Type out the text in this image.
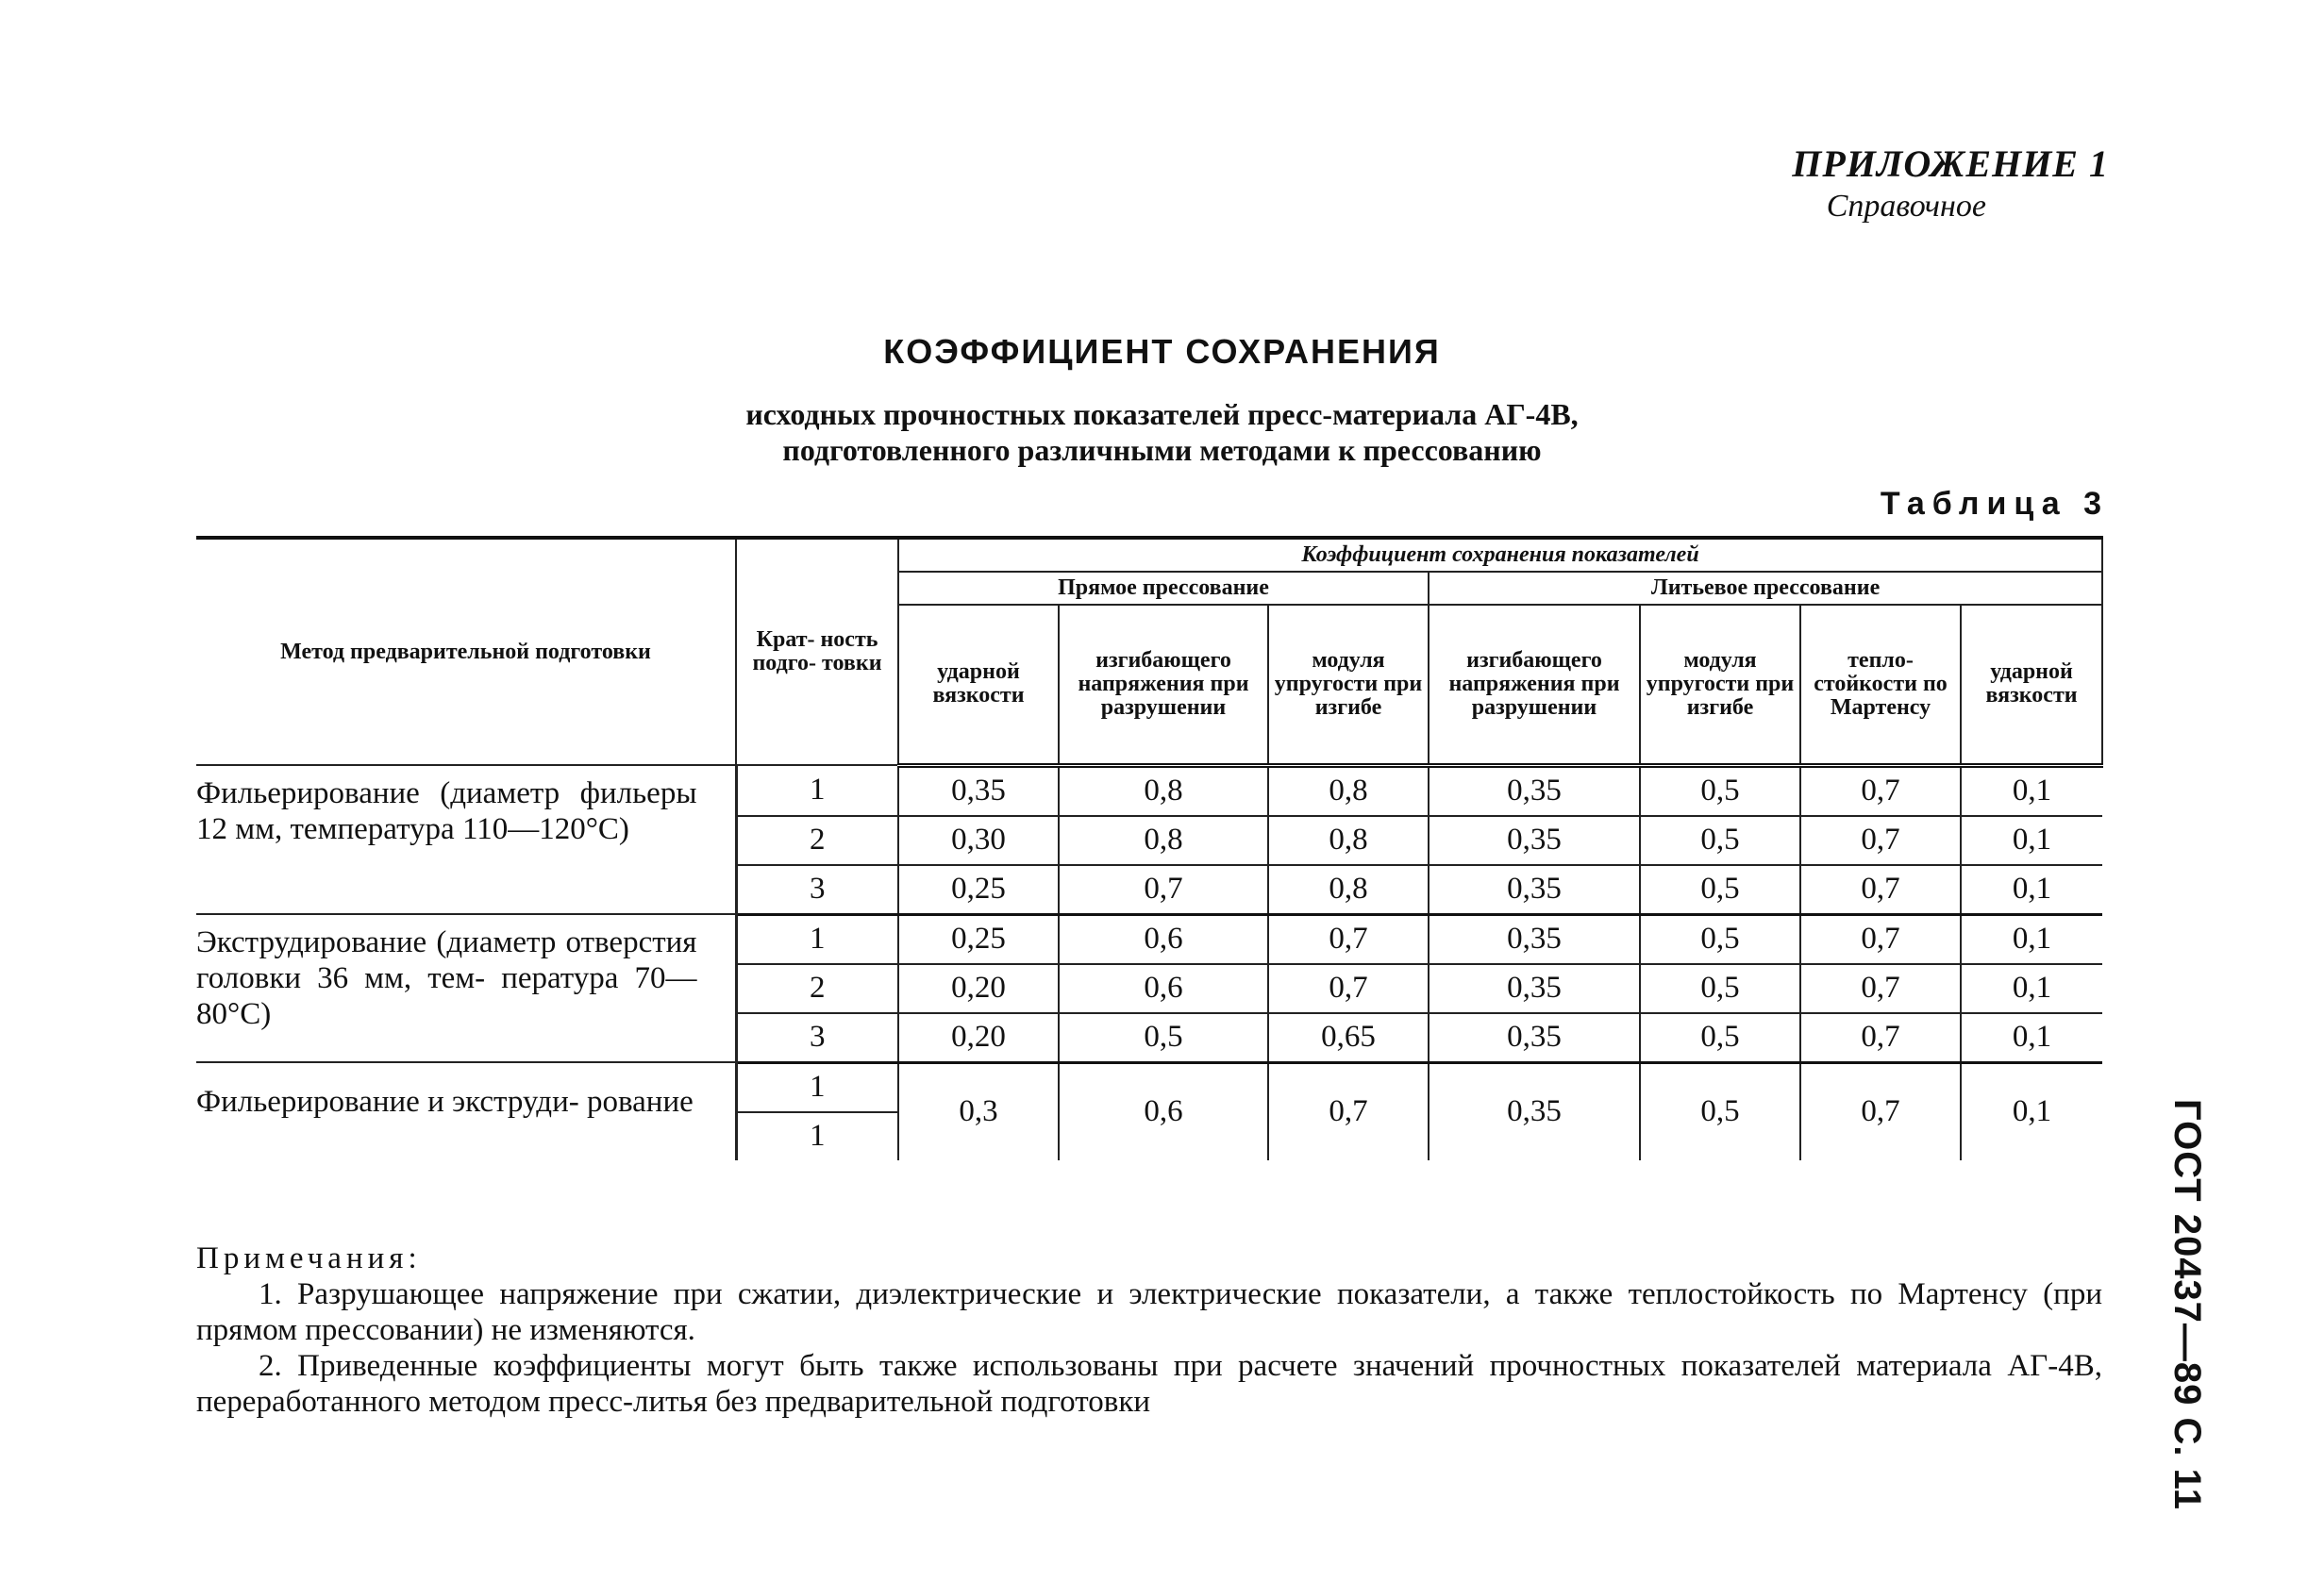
ПРИЛОЖЕНИЕ 1
Справочное
КОЭФФИЦИЕНТ СОХРАНЕНИЯ
исходных прочностных показателей пресс-материала АГ-4В,
подготовленного различными методами к прессованию
Таблица 3
Метод предварительной подготовки	Крат- ность подго- товки	Коэффициент сохранения показателей						
		Прямое прессование			Литьевое прессование			
		ударной вязкости	изгибающего напряжения при разрушении	модуля упругости при изгибе	изгибающего напряжения при разрушении	модуля упругости при изгибе	тепло- стойкости по Мартенсу	ударной вязкости
Фильерирование (диаметр фильеры 12 мм, температура 110—120°С)	1	0,35	0,8	0,8	0,35	0,5	0,7	0,1
	2	0,30	0,8	0,8	0,35	0,5	0,7	0,1
	3	0,25	0,7	0,8	0,35	0,5	0,7	0,1
Экструдирование (диаметр отверстия головки 36 мм, тем- пература 70—80°С)	1	0,25	0,6	0,7	0,35	0,5	0,7	0,1
	2	0,20	0,6	0,7	0,35	0,5	0,7	0,1
	3	0,20	0,5	0,65	0,35	0,5	0,7	0,1
Фильерирование и экструди- рование	1	0,3	0,6	0,7	0,35	0,5	0,7	0,1
	1							

Примечания:

1. Разрушающее напряжение при сжатии, диэлектрические и электрические показатели, а также теплостойкость по Мартенсу (при прямом прессовании) не изменяются.

2. Приведенные коэффициенты могут быть также использованы при расчете значений прочностных показателей материала АГ-4В, переработанного методом пресс-литья без предварительной подготовки	ГОСТ 20437—89 С. 11
